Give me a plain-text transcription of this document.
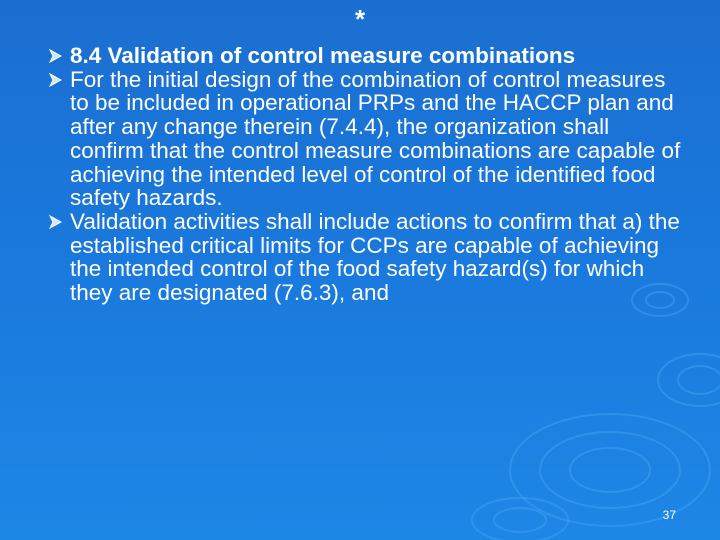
*
8.4 Validation of control measure combinations
For the initial design of the combination of control measures to be included in operational PRPs and the HACCP plan and after any change therein (7.4.4), the organization shall confirm that the control measure combinations are capable of achieving the intended level of control of the identified food safety hazards.
Validation activities shall include actions to confirm that a) the established critical limits for CCPs are capable of achieving the intended control of the food safety hazard(s) for which they are designated (7.6.3), and
37
